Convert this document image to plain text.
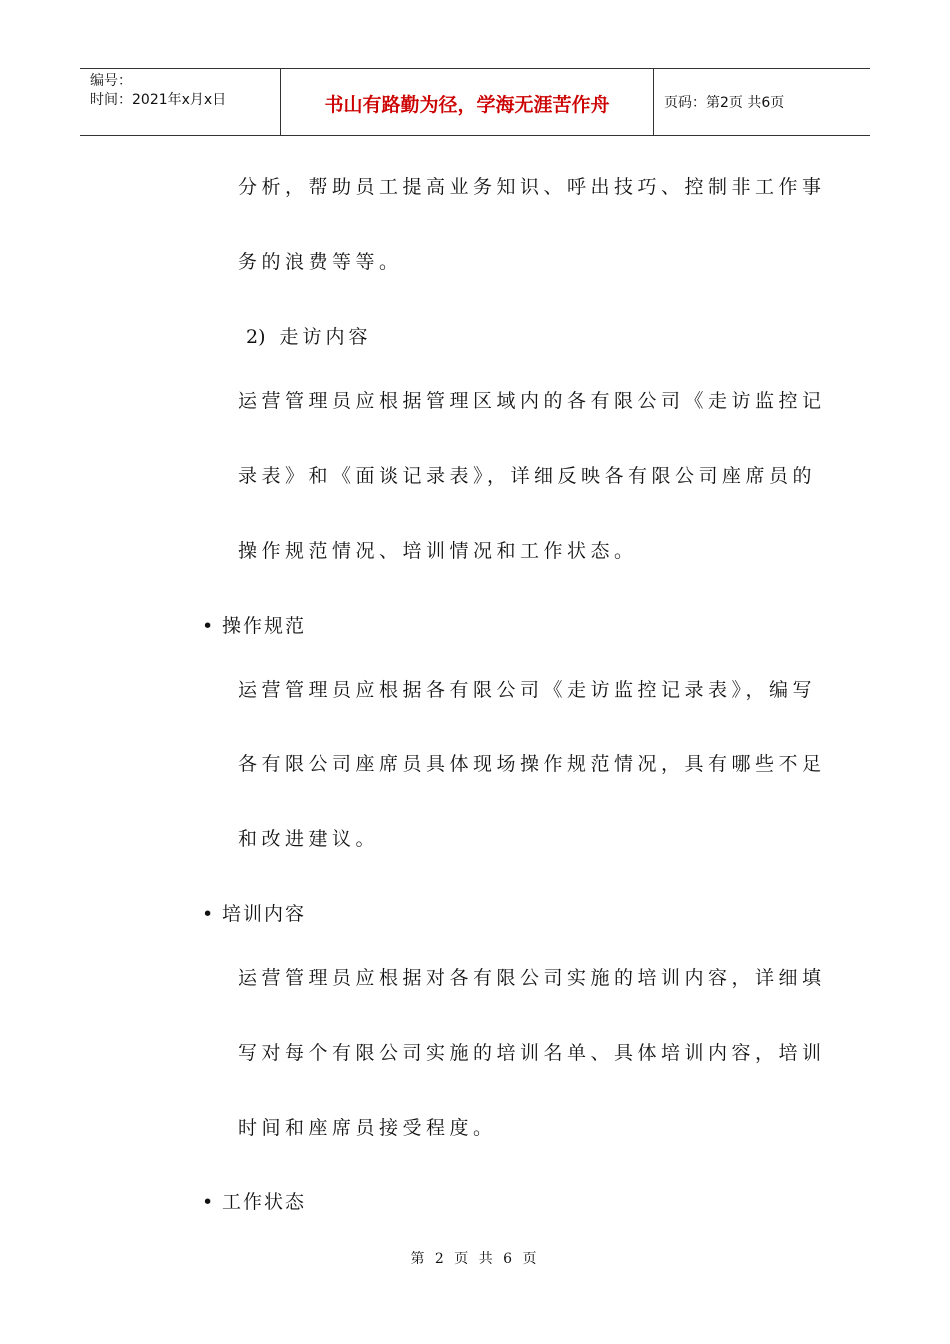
编号：
时间：2021年x月x日	书山有路勤为径，学海无涯苦作舟	页码：第2页 共6页
分析，帮助员工提高业务知识、呼出技巧、控制非工作事
务的浪费等等。
2) 走访内容
运营管理员应根据管理区域内的各有限公司《走访监控记
录表》和《面谈记录表》，详细反映各有限公司座席员的
操作规范情况、培训情况和工作状态。
• 操作规范
运营管理员应根据各有限公司《走访监控记录表》，编写
各有限公司座席员具体现场操作规范情况，具有哪些不足
和改进建议。
• 培训内容
运营管理员应根据对各有限公司实施的培训内容，详细填
写对每个有限公司实施的培训名单、具体培训内容，培训
时间和座席员接受程度。
• 工作状态
第 2 页 共 6 页
